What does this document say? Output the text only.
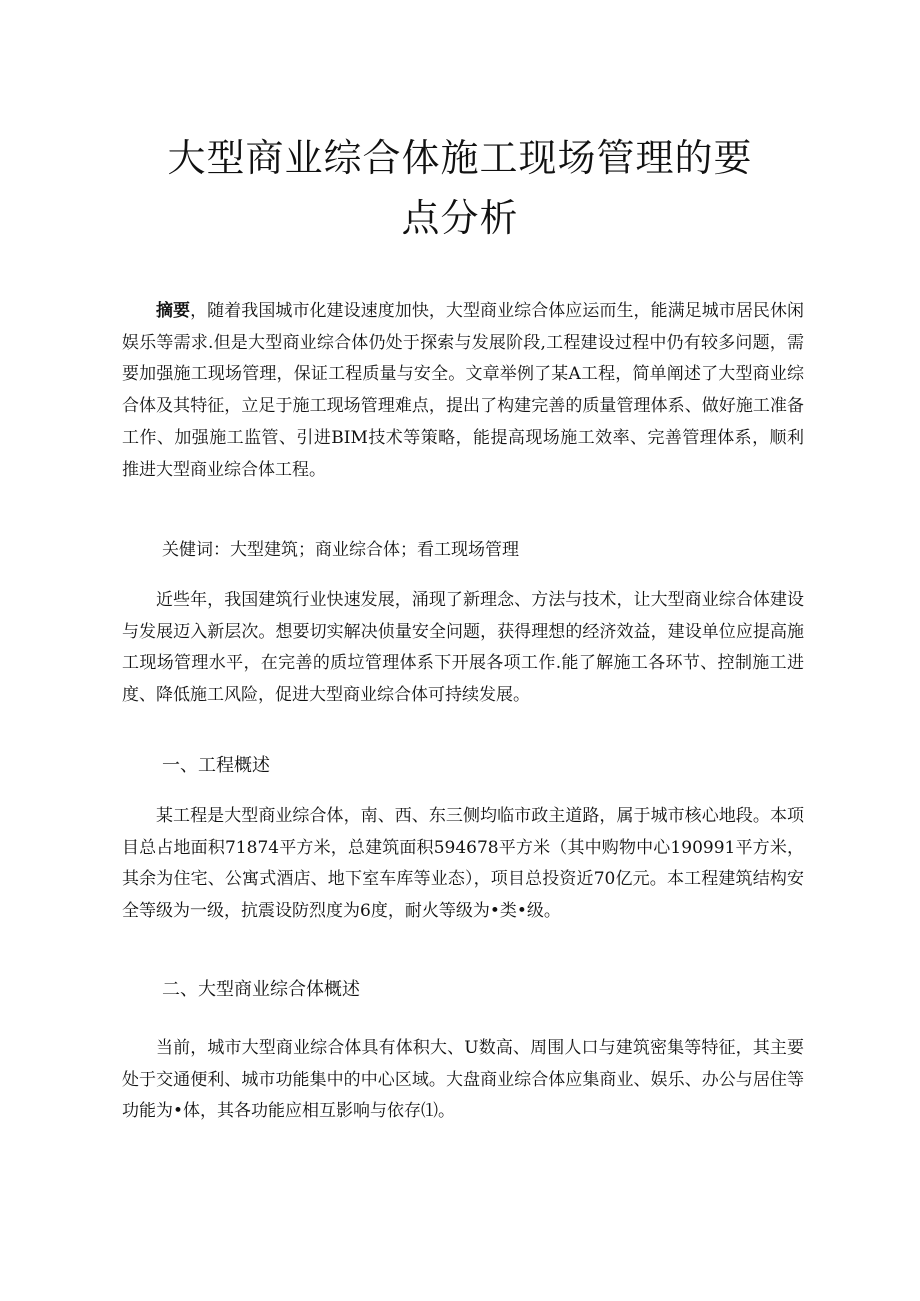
大型商业综合体施工现场管理的要点分析

摘要，随着我国城市化建设速度加快，大型商业综合体应运而生，能满足城市居民休闲娱乐等需求.但是大型商业综合体仍处于探索与发展阶段,工程建设过程中仍有较多问题，需要加强施工现场管理，保证工程质量与安全。文章举例了某A工程，简单阐述了大型商业综合体及其特征，立足于施工现场管理难点，提出了构建完善的质量管理体系、做好施工准备工作、加强施工监管、引进BIM技术等策略，能提高现场施工效率、完善管理体系，顺利推进大型商业综合体工程。

关健词：大型建筑；商业综合体；看工现场管理

近些年，我国建筑行业快速发展，涌现了新理念、方法与技术，让大型商业综合体建设与发展迈入新层次。想要切实解决侦量安全问题，获得理想的经济效益，建设单位应提高施工现场管理水平，在完善的质垃管理体系下开展各项工作.能了解施工各环节、控制施工进度、降低施工风险，促进大型商业综合体可持续发展。

一、工程概述

某工程是大型商业综合体，南、西、东三侧均临市政主道路，属于城市核心地段。本项目总占地面积71874平方米，总建筑面积594678平方米（其中购物中心190991平方米，其余为住宅、公寓式酒店、地下室车库等业态），项目总投资近70亿元。本工程建筑结构安全等级为一级，抗震设防烈度为6度，耐火等级为•类•级。

二、大型商业综合体概述

当前，城市大型商业综合体具有体积大、U数高、周围人口与建筑密集等特征，其主要处于交通便利、城市功能集中的中心区域。大盘商业综合体应集商业、娱乐、办公与居住等功能为•体，其各功能应相互影响与依存⑴。
